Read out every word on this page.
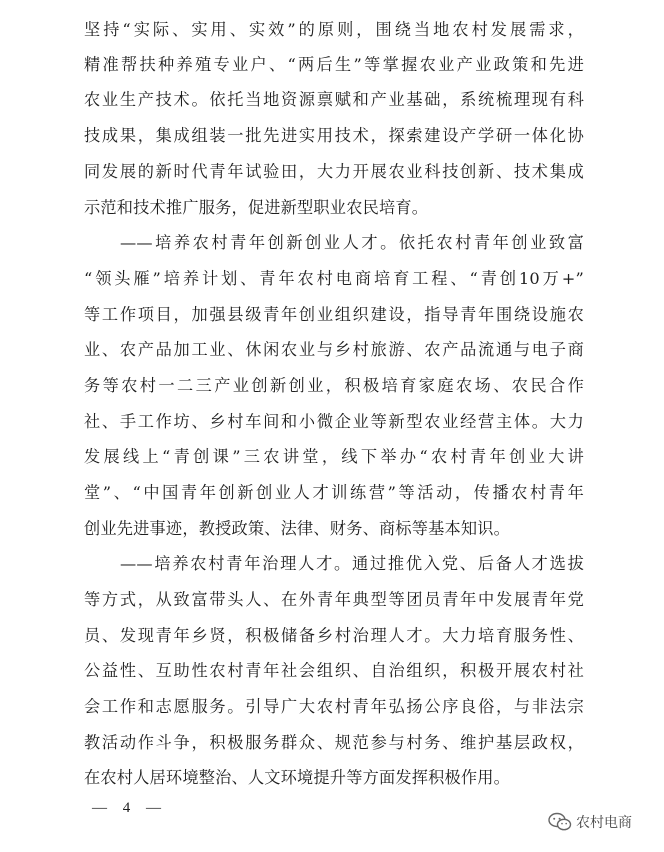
坚持“实际、实用、实效”的原则，围绕当地农村发展需求，
精准帮扶种养殖专业户、“两后生”等掌握农业产业政策和先进
农业生产技术。依托当地资源禀赋和产业基础，系统梳理现有科
技成果，集成组装一批先进实用技术，探索建设产学研一体化协
同发展的新时代青年试验田，大力开展农业科技创新、技术集成
示范和技术推广服务，促进新型职业农民培育。
——培养农村青年创新创业人才。依托农村青年创业致富
“领头雁”培养计划、青年农村电商培育工程、“青创10万+”
等工作项目，加强县级青年创业组织建设，指导青年围绕设施农
业、农产品加工业、休闲农业与乡村旅游、农产品流通与电子商
务等农村一二三产业创新创业，积极培育家庭农场、农民合作
社、手工作坊、乡村车间和小微企业等新型农业经营主体。大力
发展线上“青创课”三农讲堂，线下举办“农村青年创业大讲
堂”、“中国青年创新创业人才训练营”等活动，传播农村青年
创业先进事迹，教授政策、法律、财务、商标等基本知识。
——培养农村青年治理人才。通过推优入党、后备人才选拔
等方式，从致富带头人、在外青年典型等团员青年中发展青年党
员、发现青年乡贤，积极储备乡村治理人才。大力培育服务性、
公益性、互助性农村青年社会组织、自治组织，积极开展农村社
会工作和志愿服务。引导广大农村青年弘扬公序良俗，与非法宗
教活动作斗争，积极服务群众、规范参与村务、维护基层政权，
在农村人居环境整治、人文环境提升等方面发挥积极作用。
— 4 —
农村电商
